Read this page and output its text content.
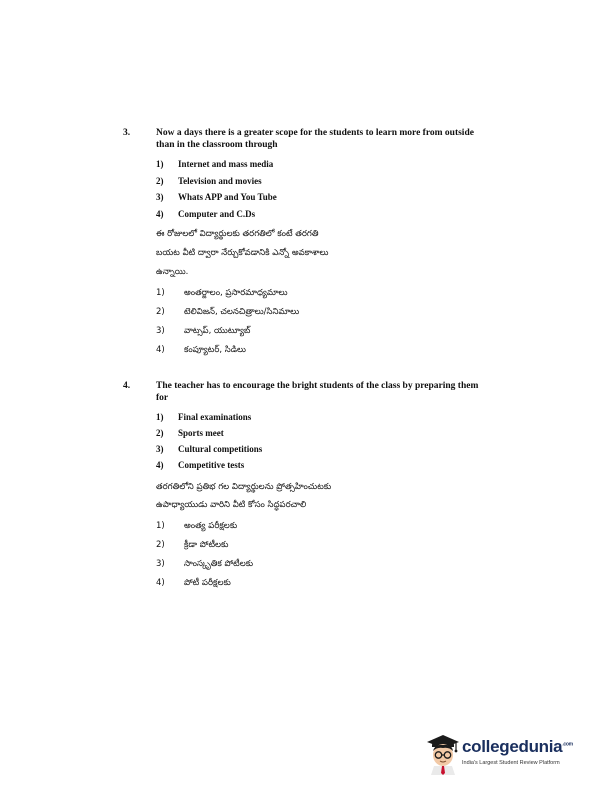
3.	Now a days there is a greater scope for the students to learn more from outside than in the classroom through
1) Internet and mass media
2) Television and movies
3) Whats APP and You Tube
4) Computer and C.Ds
ఈ రోజులలో విద్యార్థులకు తరగతిలో కంటే తరగతి
బయట వీటి ద్వారా నేర్చుకోవడానికి ఎన్నో అవకాశాలు
ఉన్నాయి.
1) అంతర్జాలం, ప్రసారమాధ్యమాలు
2) టెలివిజన్, చలనచిత్రాలు/సినిమాలు
3) వాట్సప్, యుట్యూబ్
4) కంప్యూటర్, సిడిలు
4.	The teacher has to encourage the bright students of the class by preparing them for
1) Final examinations
2) Sports meet
3) Cultural competitions
4) Competitive tests
తరగతిలోని ప్రతిభ గల విద్యార్థులను ప్రోత్సహించుటకు
ఉపాధ్యాయుడు వారిని వీటి కోసం సిద్ధపరచాలి
1) అంత్య పరీక్షలకు
2) క్రీడా పోటీలకు
3) సాంస్కృతిక పోటీలకు
4) పోటీ పరీక్షలకు
collegedunia$^{.com}$
India's Largest Student Review Platform
